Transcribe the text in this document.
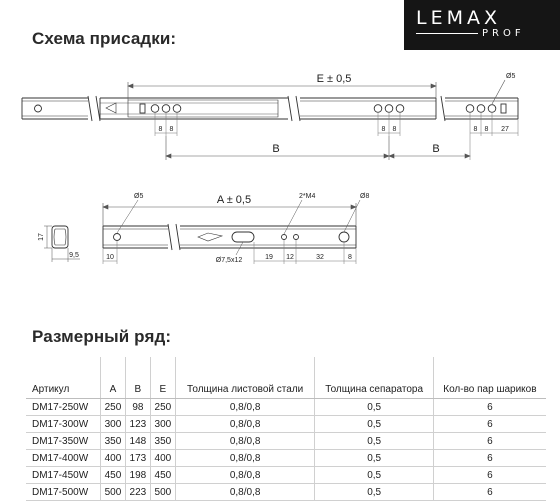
LEMAX
PROF
Схема присадки:
E ± 0,5	Ø5
8 8	8 8	8 8 27
B	B
17
9,5
A ± 0,5
Ø5	2*M4	Ø8
Ø7,5x12
10	19 12	32	8
Размерный ряд:
Артикул	A	B	E	Толщина листовой стали	Толщина сепаратора	Кол-во пар шариков
DM17-250W	250	98	250	0,8/0,8	0,5	6
DM17-300W	300	123	300	0,8/0,8	0,5	6
DM17-350W	350	148	350	0,8/0,8	0,5	6
DM17-400W	400	173	400	0,8/0,8	0,5	6
DM17-450W	450	198	450	0,8/0,8	0,5	6
DM17-500W	500	223	500	0,8/0,8	0,5	6
